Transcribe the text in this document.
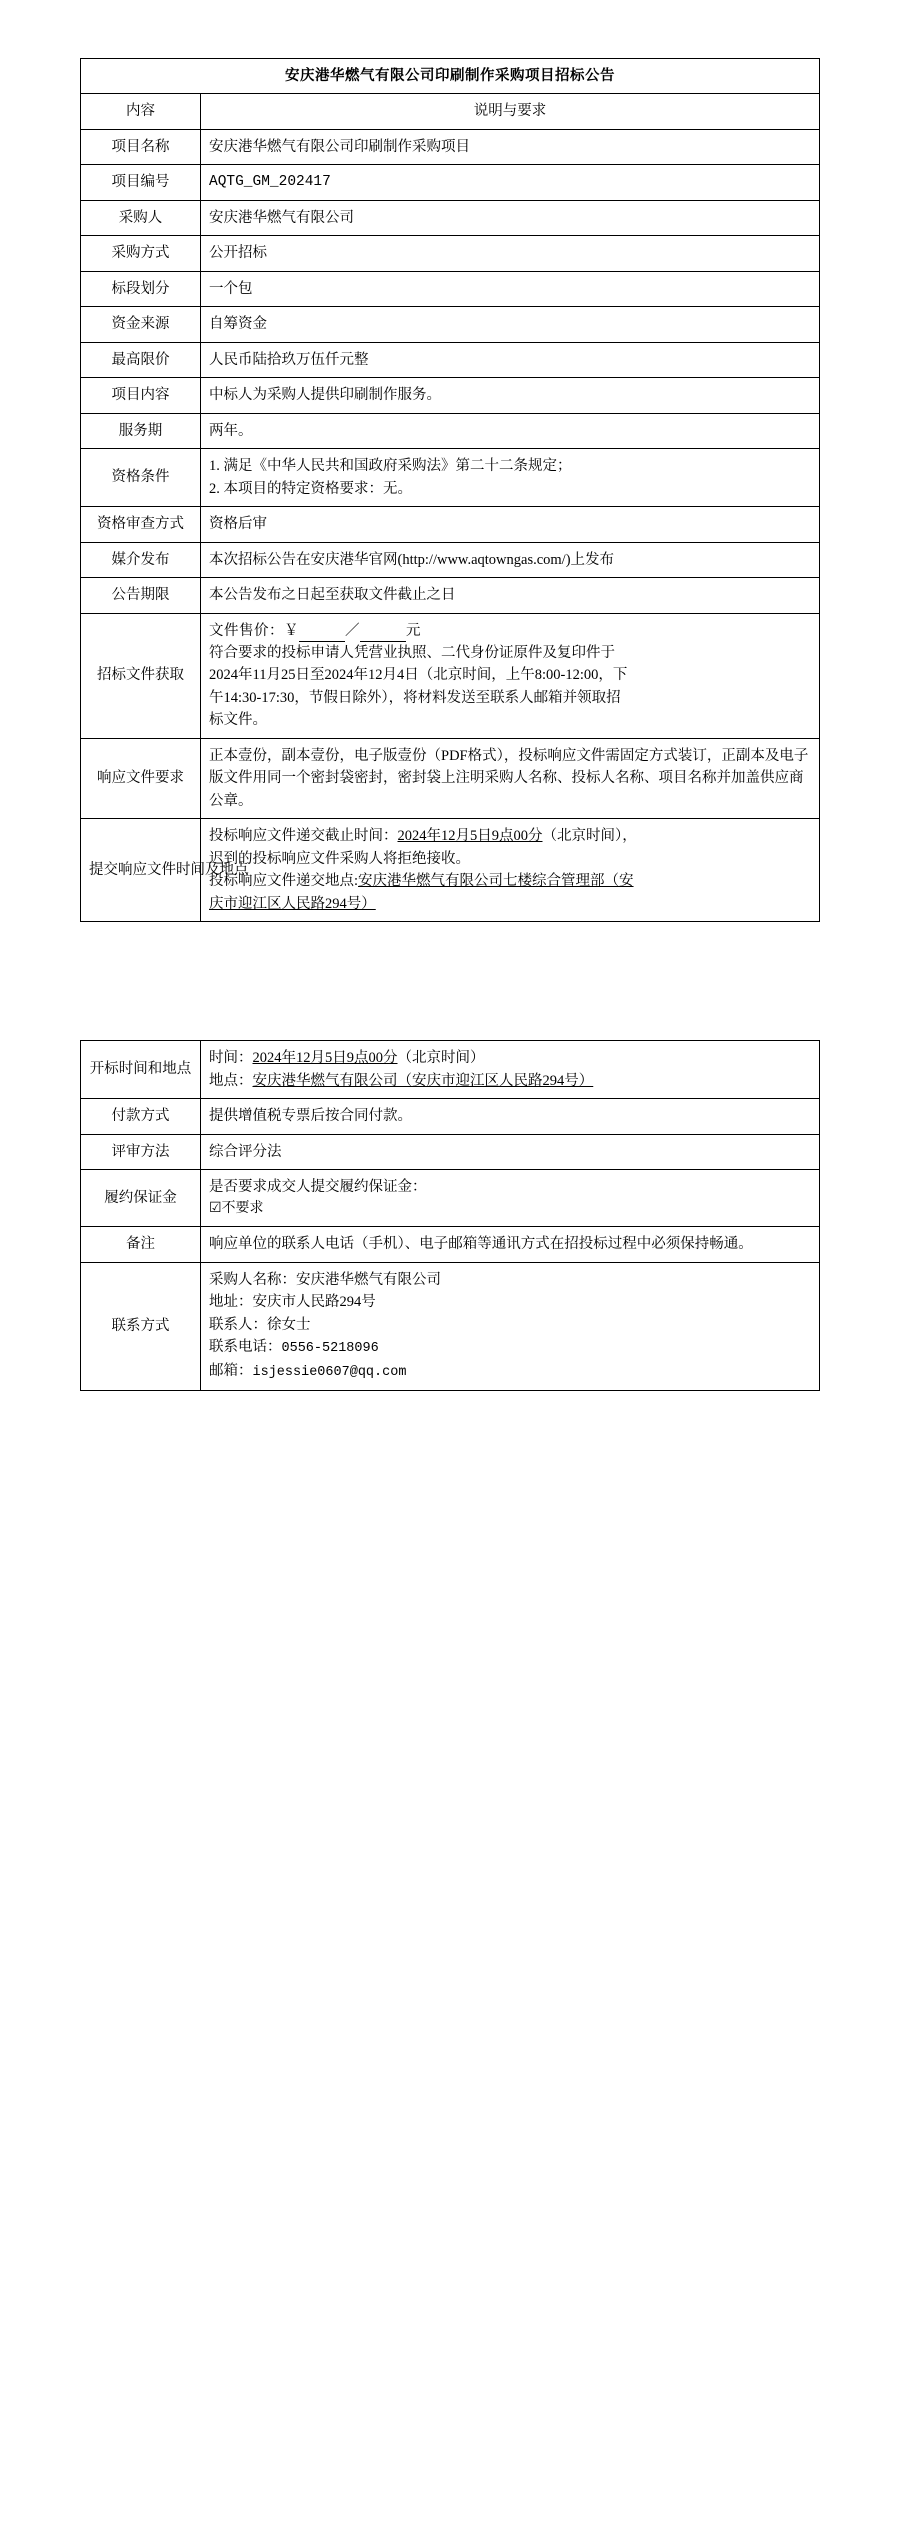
安庆港华燃气有限公司印刷制作采购项目招标公告	
内容	说明与要求
项目名称	安庆港华燃气有限公司印刷制作采购项目
项目编号	AQTG_GM_202417
采购人	安庆港华燃气有限公司
采购方式	公开招标
标段划分	一个包
资金来源	自筹资金
最高限价	人民币陆拾玖万伍仟元整
项目内容	中标人为采购人提供印刷制作服务。
服务期	两年。
资格条件	1. 满足《中华人民共和国政府采购法》第二十二条规定；
2. 本项目的特定资格要求：无。

资格审查方式	资格后审
媒介发布	本次招标公告在安庆港华官网(http://www.aqtowngas.com/)上发布
公告期限	本公告发布之日起至获取文件截止之日
招标文件获取	文件售价：￥ ／ 元
符合要求的投标申请人凭营业执照、二代身份证原件及复印件于
2024年11月25日至2024年12月4日（北京时间，上午8:00-12:00，下
午14:30-17:30，节假日除外），将材料发送至联系人邮箱并领取招
标文件。

响应文件要求	正本壹份，副本壹份，电子版壹份（PDF格式），投标响应文件需固定方式装订，正副本及电子版文件用同一个密封袋密封，密封袋上注明采购人名称、投标人名称、项目名称并加盖供应商公章。
提交响应文件时间及地点	投标响应文件递交截止时间：2024年12月5日9点00分（北京时间），
迟到的投标响应文件采购人将拒绝接收。
投标响应文件递交地点:安庆港华燃气有限公司七楼综合管理部（安
庆市迎江区人民路294号）
开标时间和地点	时间：2024年12月5日9点00分（北京时间）
地点：安庆港华燃气有限公司（安庆市迎江区人民路294号）

付款方式	提供增值税专票后按合同付款。
评审方法	综合评分法
履约保证金	是否要求成交人提交履约保证金：
☑不要求

备注	响应单位的联系人电话（手机）、电子邮箱等通讯方式在招投标过程中必须保持畅通。
联系方式	采购人名称：安庆港华燃气有限公司
地址：安庆市人民路294号
联系人：徐女士
联系电话：0556-5218096
邮箱：isjessie0607@qq.com
